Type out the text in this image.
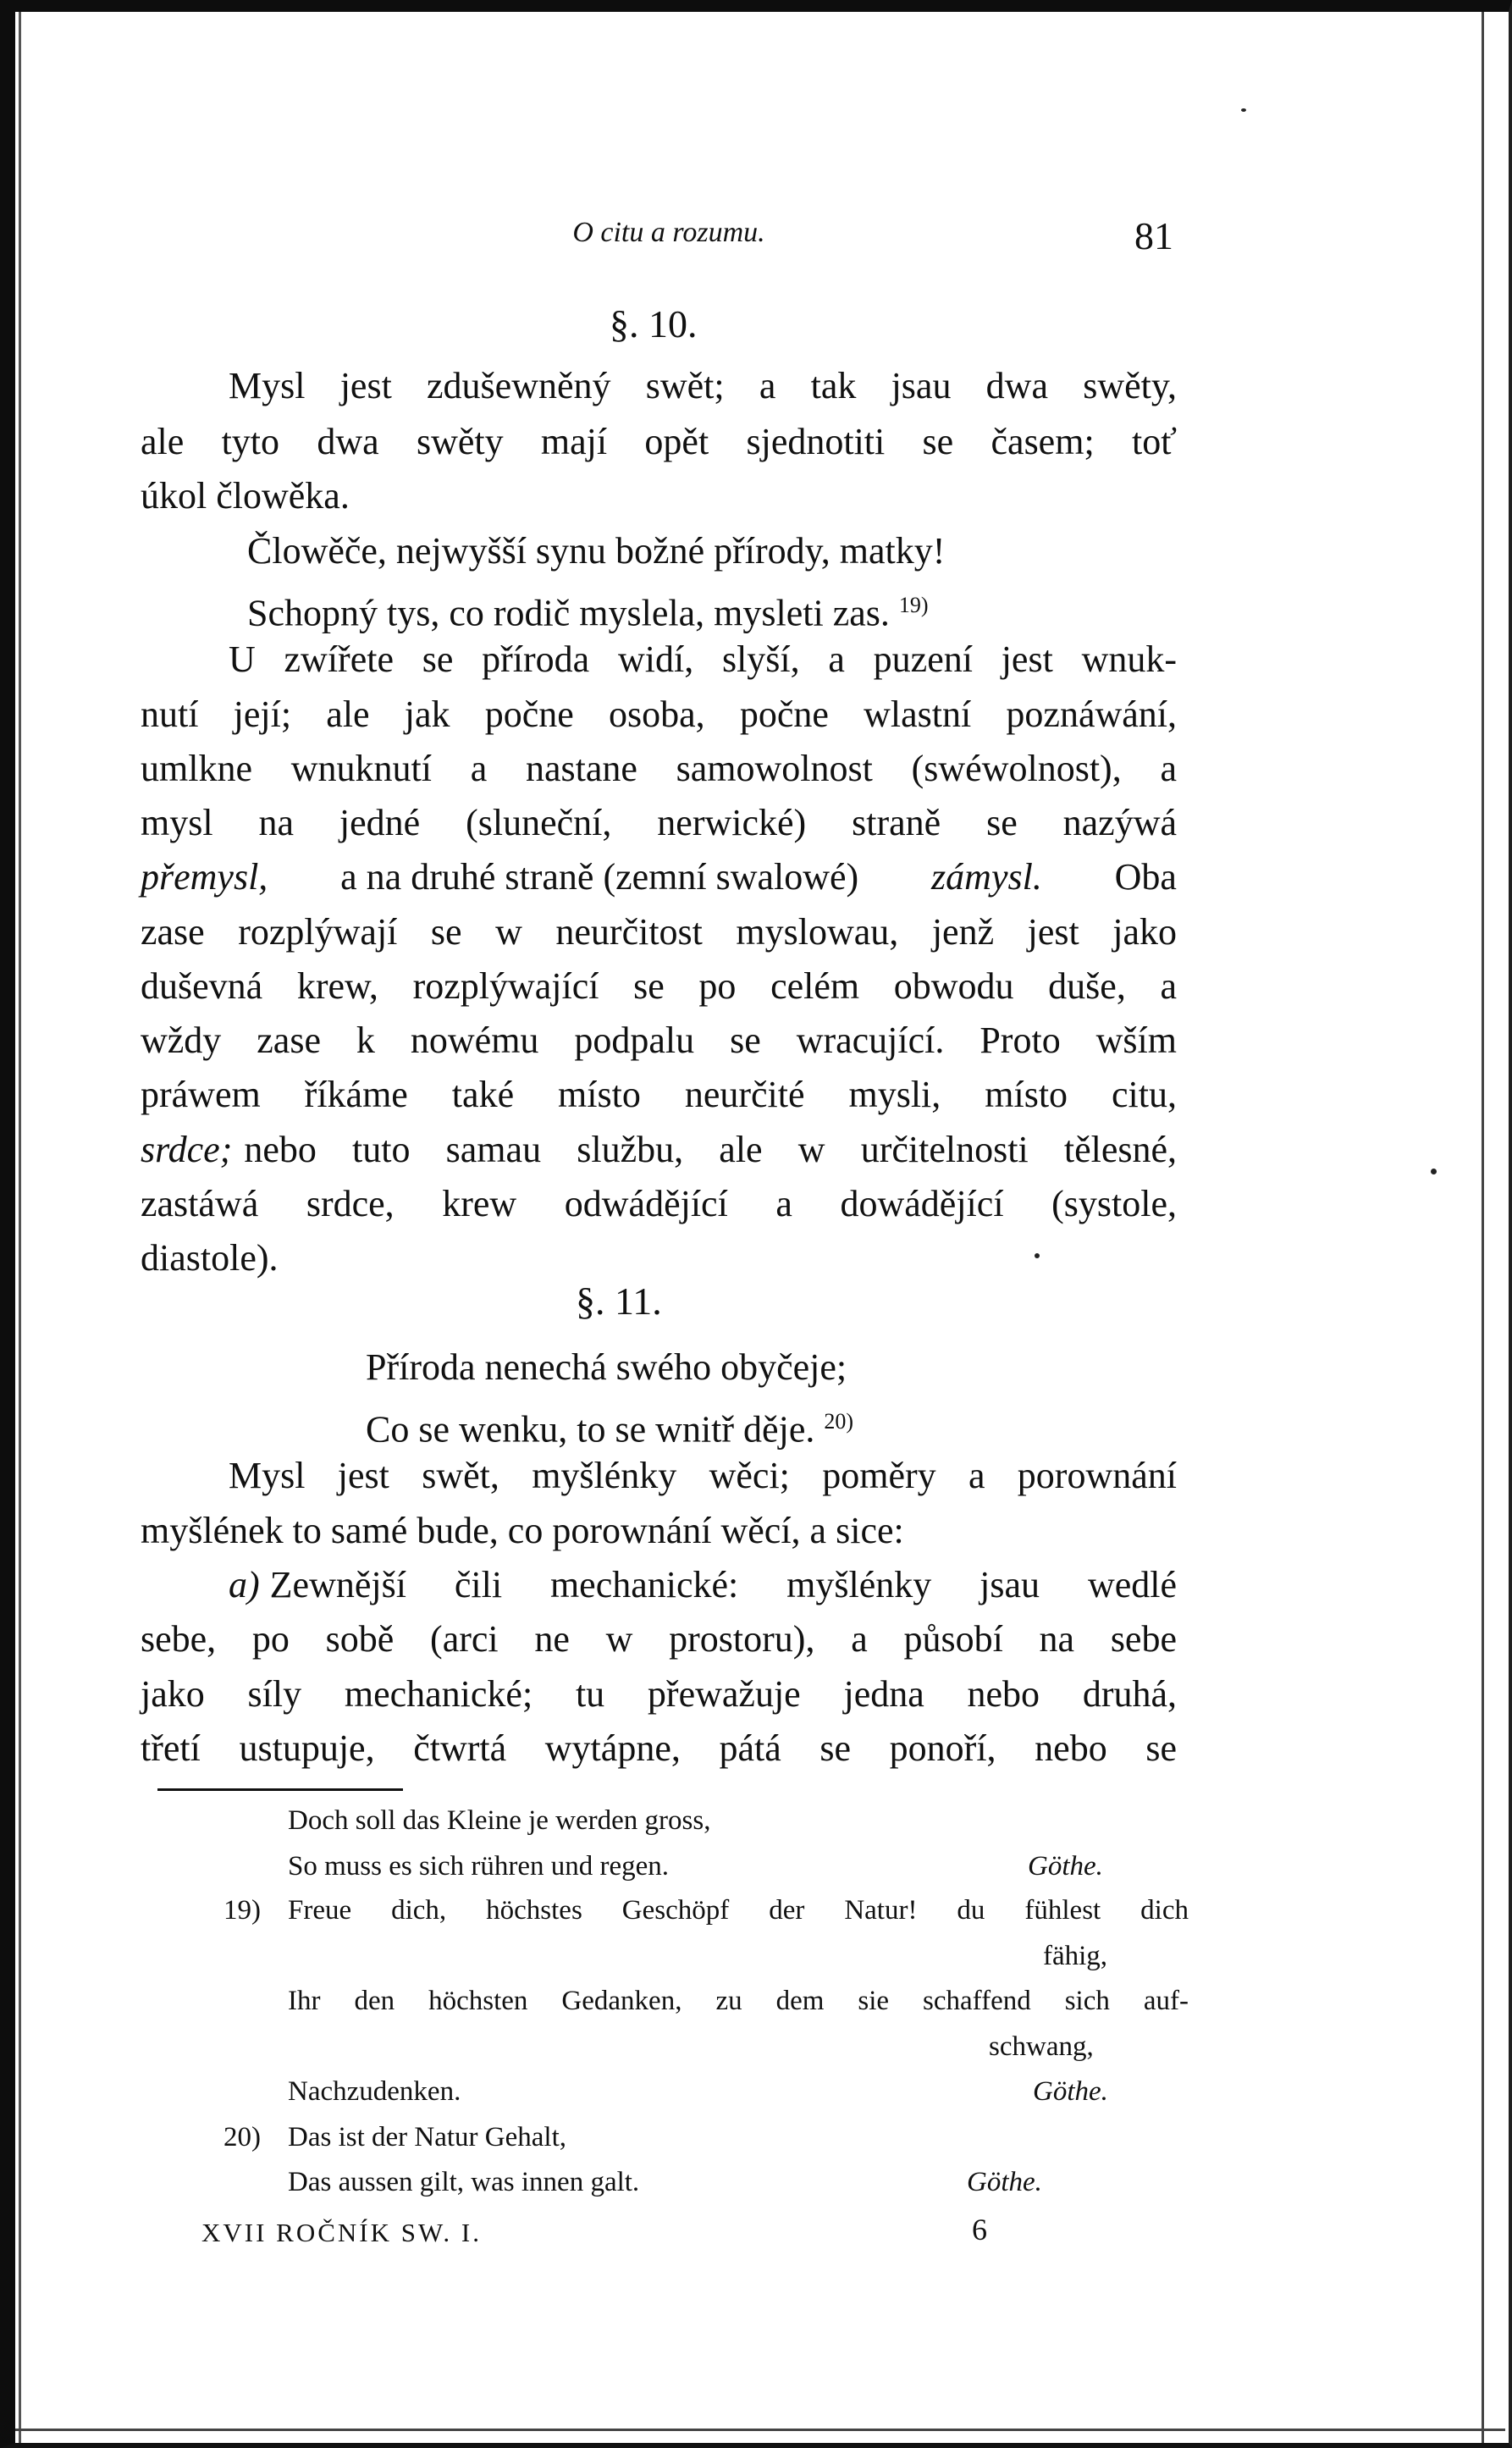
O citu a rozumu.	81
§. 10.
Mysl jest zdušewněný swět; a tak jsau dwa swěty,
ale tyto dwa swěty mají opět sjednotiti se časem; toť
úkol člowěka.
Člowěče, nejwyšší synu božné přírody, matky!
Schopný tys, co rodič myslela, mysleti zas. $^{19)}$
U zwířete se příroda widí, slyší, a puzení jest wnuk-
nutí její; ale jak počne osoba, počne wlastní poznáwání,
umlkne wnuknutí a nastane samowolnost (swéwolnost), a
mysl na jedné (sluneční, nerwické) straně se nazýwá
přemysl, a na druhé straně (zemní swalowé) zámysl. Oba
zase rozplýwají se w neurčitost myslowau, jenž jest jako
duševná krew, rozplýwající se po celém obwodu duše, a
wždy zase k nowému podpalu se wracující. Proto wším
práwem říkáme také místo neurčité mysli, místo citu,
srdce; nebo tuto samau službu, ale w určitelnosti tělesné,
zastáwá srdce, krew odwádějící a dowádějící (systole,
diastole).
§. 11.
Příroda nenechá swého obyčeje;
Co se wenku, to se wnitř děje. $^{20)}$
Mysl jest swět, myšlénky wěci; poměry a porownání
myšlének to samé bude, co porownání wěcí, a sice:
a) Zewnější čili mechanické: myšlénky jsau wedlé
sebe, po sobě (arci ne w prostoru), a působí na sebe
jako síly mechanické; tu přewažuje jedna nebo druhá,
třetí ustupuje, čtwrtá wytápne, pátá se ponoří, nebo se
Doch soll das Kleine je werden gross,
So muss es sich rühren und regen.	Göthe.
19) Freue dich, höchstes Geschöpf der Natur! du fühlest dich
fähig,
Ihr den höchsten Gedanken, zu dem sie schaffend sich auf-
schwang,
Nachzudenken.	Göthe.
20) Das ist der Natur Gehalt,
Das aussen gilt, was innen galt.	Göthe.
XVII ROČNÍK SW. I.	6
